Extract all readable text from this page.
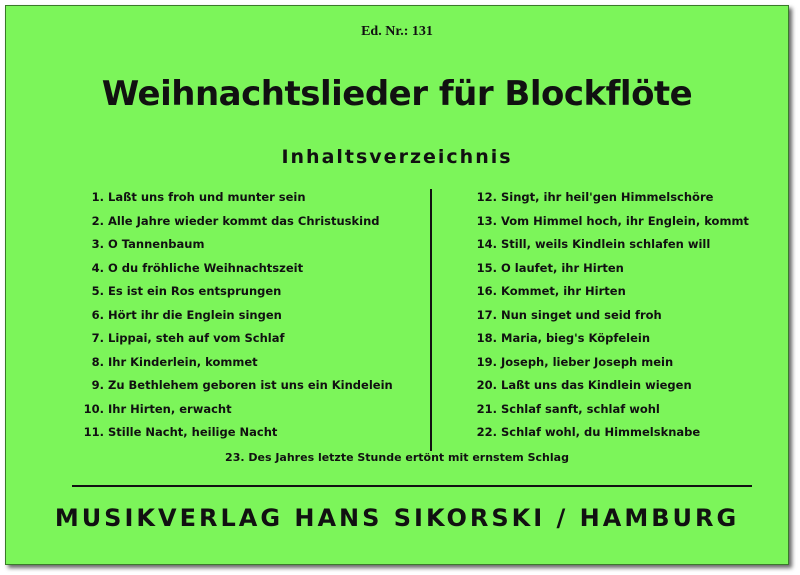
Ed. Nr.: 131
Weihnachtslieder für Blockflöte
Inhaltsverzeichnis
1. Laßt uns froh und munter sein
2. Alle Jahre wieder kommt das Christuskind
3. O Tannenbaum
4. O du fröhliche Weihnachtszeit
5. Es ist ein Ros entsprungen
6. Hört ihr die Englein singen
7. Lippai, steh auf vom Schlaf
8. Ihr Kinderlein, kommet
9. Zu Bethlehem geboren ist uns ein Kindelein
10. Ihr Hirten, erwacht
11. Stille Nacht, heilige Nacht
12. Singt, ihr heil'gen Himmelschöre
13. Vom Himmel hoch, ihr Englein, kommt
14. Still, weils Kindlein schlafen will
15. O laufet, ihr Hirten
16. Kommet, ihr Hirten
17. Nun singet und seid froh
18. Maria, bieg's Köpfelein
19. Joseph, lieber Joseph mein
20. Laßt uns das Kindlein wiegen
21. Schlaf sanft, schlaf wohl
22. Schlaf wohl, du Himmelsknabe
23. Des Jahres letzte Stunde ertönt mit ernstem Schlag
MUSIKVERLAG HANS SIKORSKI / HAMBURG
